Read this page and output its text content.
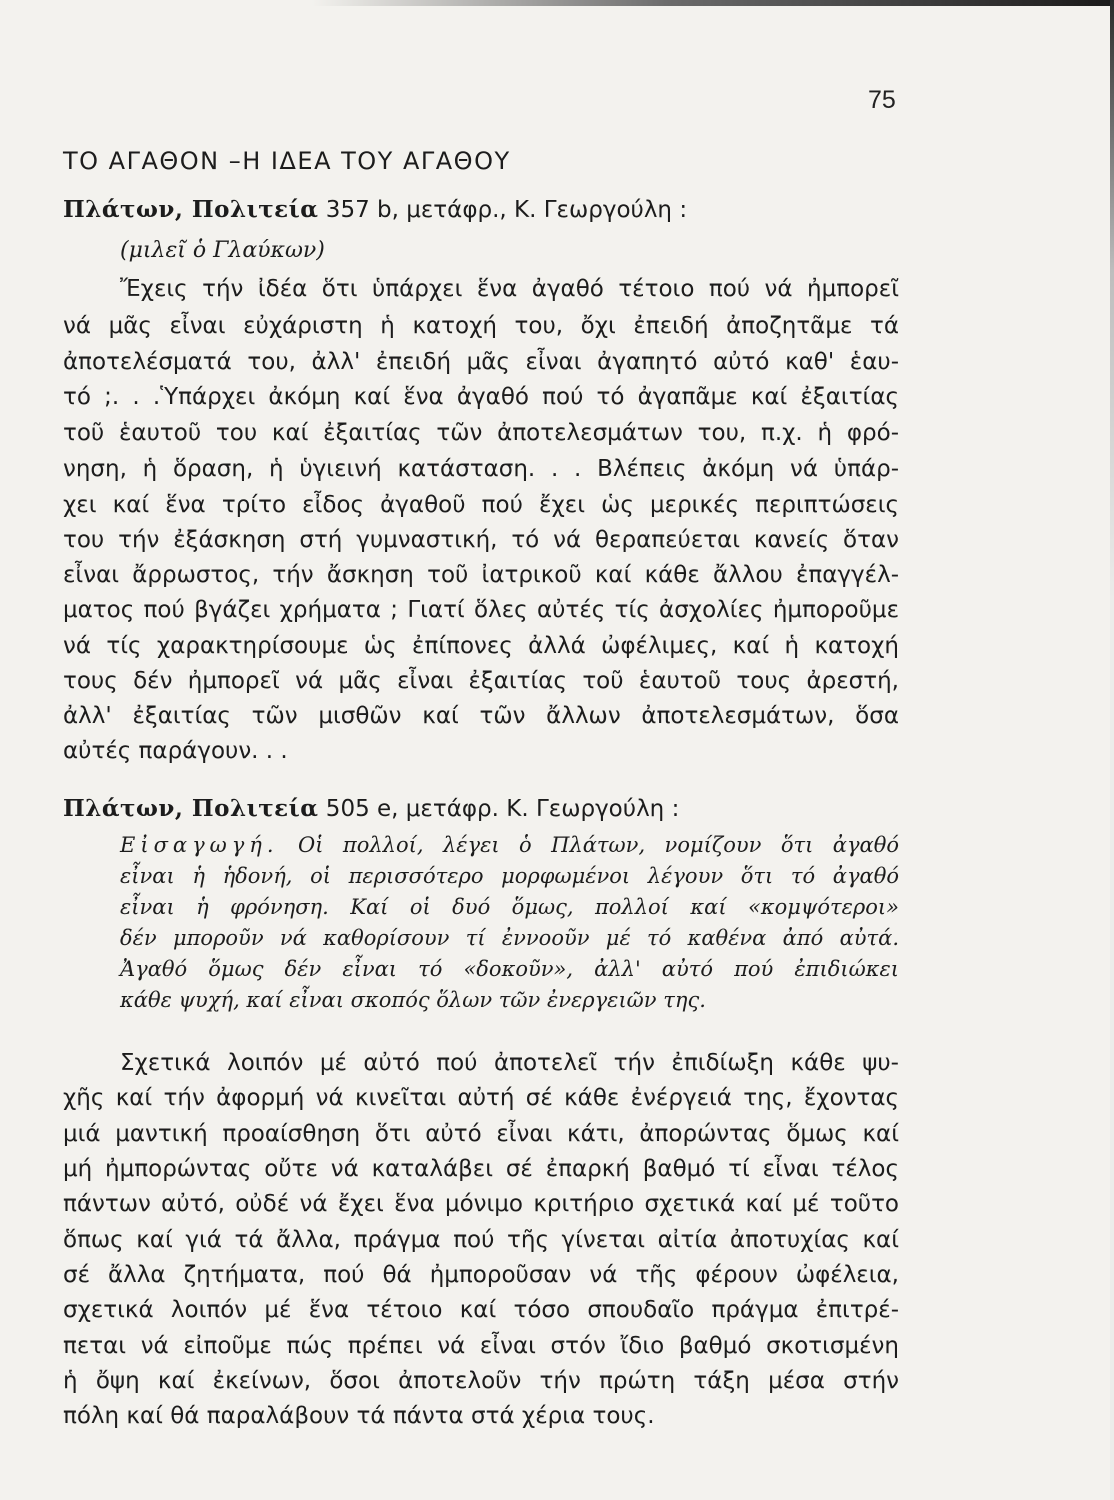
75
ΤΟ ΑΓΑΘΟΝ –Η ΙΔΕΑ ΤΟΥ ΑΓΑΘΟΥ
Πλάτων, Πολιτεία 357 b, μετάφρ., Κ. Γεωργούλη :
(μιλεῖ ὁ Γλαύκων)
Ἔχεις τήν ἰδέα ὅτι ὑπάρχει ἕνα ἀγαθό τέτοιο πού νά ἠμπορεῖ
νά μᾶς εἶναι εὐχάριστη ἡ κατοχή του, ὄχι ἐπειδή ἀποζητᾶμε τά
ἀποτελέσματά του, ἀλλ' ἐπειδή μᾶς εἶναι ἀγαπητό αὐτό καθ' ἑαυ-
τό ;. . .Ὑπάρχει ἀκόμη καί ἕνα ἀγαθό πού τό ἀγαπᾶμε καί ἐξαιτίας
τοῦ ἑαυτοῦ του καί ἐξαιτίας τῶν ἀποτελεσμάτων του, π.χ. ἡ φρό-
νηση, ἡ ὅραση, ἡ ὑγιεινή κατάσταση. . . Βλέπεις ἀκόμη νά ὑπάρ-
χει καί ἕνα τρίτο εἶδος ἀγαθοῦ πού ἔχει ὡς μερικές περιπτώσεις
του τήν ἐξάσκηση στή γυμναστική, τό νά θεραπεύεται κανείς ὅταν
εἶναι ἄρρωστος, τήν ἄσκηση τοῦ ἰατρικοῦ καί κάθε ἄλλου ἐπαγγέλ-
ματος πού βγάζει χρήματα ; Γιατί ὅλες αὐτές τίς ἀσχολίες ἠμποροῦμε
νά τίς χαρακτηρίσουμε ὡς ἐπίπονες ἀλλά ὠφέλιμες, καί ἡ κατοχή
τους δέν ἠμπορεῖ νά μᾶς εἶναι ἐξαιτίας τοῦ ἑαυτοῦ τους ἀρεστή,
ἀλλ' ἐξαιτίας τῶν μισθῶν καί τῶν ἄλλων ἀποτελεσμάτων, ὅσα
αὐτές παράγουν. . .
Πλάτων, Πολιτεία 505 e, μετάφρ. Κ. Γεωργούλη :
Εἰσαγωγή. Οἱ πολλοί, λέγει ὁ Πλάτων, νομίζουν ὅτι ἀγαθό
εἶναι ἡ ἡδονή, οἱ περισσότερο μορφωμένοι λέγουν ὅτι τό ἀγαθό
εἶναι ἡ φρόνηση. Καί οἱ δυό ὅμως, πολλοί καί «κομψότεροι»
δέν μποροῦν νά καθορίσουν τί ἐννοοῦν μέ τό καθένα ἀπό αὐτά.
Ἀγαθό ὅμως δέν εἶναι τό «δοκοῦν», ἀλλ' αὐτό πού ἐπιδιώκει
κάθε ψυχή, καί εἶναι σκοπός ὅλων τῶν ἐνεργειῶν της.
Σχετικά λοιπόν μέ αὐτό πού ἀποτελεῖ τήν ἐπιδίωξη κάθε ψυ-
χῆς καί τήν ἀφορμή νά κινεῖται αὐτή σέ κάθε ἐνέργειά της, ἔχοντας
μιά μαντική προαίσθηση ὅτι αὐτό εἶναι κάτι, ἀπορώντας ὅμως καί
μή ἠμπορώντας οὔτε νά καταλάβει σέ ἐπαρκή βαθμό τί εἶναι τέλος
πάντων αὐτό, οὐδέ νά ἔχει ἕνα μόνιμο κριτήριο σχετικά καί μέ τοῦτο
ὅπως καί γιά τά ἄλλα, πράγμα πού τῆς γίνεται αἰτία ἀποτυχίας καί
σέ ἄλλα ζητήματα, πού θά ἠμποροῦσαν νά τῆς φέρουν ὠφέλεια,
σχετικά λοιπόν μέ ἕνα τέτοιο καί τόσο σπουδαῖο πράγμα ἐπιτρέ-
πεται νά εἰποῦμε πώς πρέπει νά εἶναι στόν ἴδιο βαθμό σκοτισμένη
ἡ ὄψη καί ἐκείνων, ὅσοι ἀποτελοῦν τήν πρώτη τάξη μέσα στήν
πόλη καί θά παραλάβουν τά πάντα στά χέρια τους.
